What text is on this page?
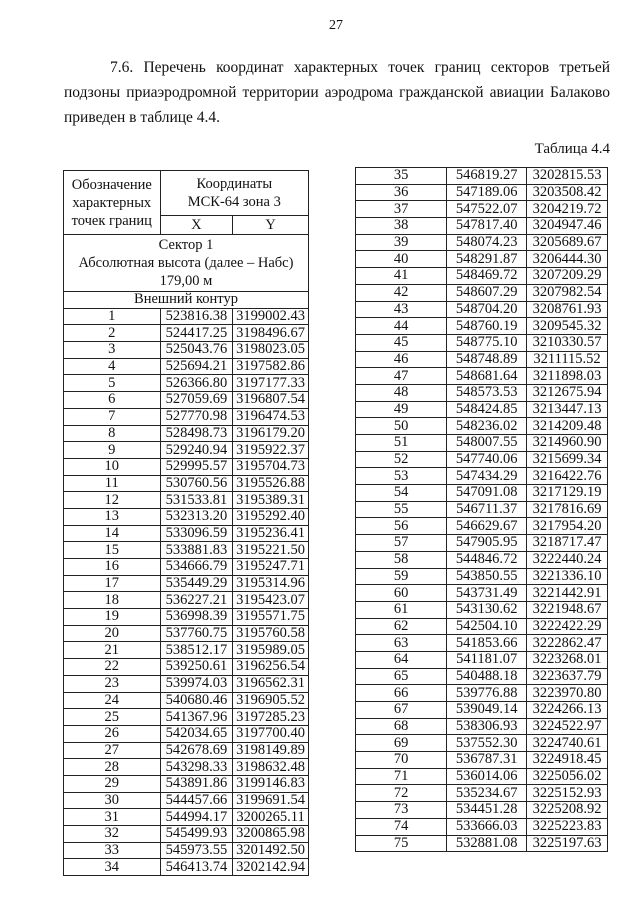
27
7.6. Перечень координат характерных точек границ секторов третьей подзоны приаэродромной территории аэродрома гражданской авиации Балаково приведен в таблице 4.4.
Таблица 4.4
Обозначение характерных точек границ	Координаты МСК-64 зона 3	
	X	Y

Сектор 1
Абсолютная высота (далее – Набс)
179,00 м		

Внешний контур		
1	523816.38	3199002.43
2	524417.25	3198496.67
3	525043.76	3198023.05
4	525694.21	3197582.86
5	526366.80	3197177.33
6	527059.69	3196807.54
7	527770.98	3196474.53
8	528498.73	3196179.20
9	529240.94	3195922.37
10	529995.57	3195704.73
11	530760.56	3195526.88
12	531533.81	3195389.31
13	532313.20	3195292.40
14	533096.59	3195236.41
15	533881.83	3195221.50
16	534666.79	3195247.71
17	535449.29	3195314.96
18	536227.21	3195423.07
19	536998.39	3195571.75
20	537760.75	3195760.58
21	538512.17	3195989.05
22	539250.61	3196256.54
23	539974.03	3196562.31
24	540680.46	3196905.52
25	541367.96	3197285.23
26	542034.65	3197700.40
27	542678.69	3198149.89
28	543298.33	3198632.48
29	543891.86	3199146.83
30	544457.66	3199691.54
31	544994.17	3200265.11
32	545499.93	3200865.98
33	545973.55	3201492.50
34	546413.74	3202142.94
35	546819.27	3202815.53
36	547189.06	3203508.42
37	547522.07	3204219.72
38	547817.40	3204947.46
39	548074.23	3205689.67
40	548291.87	3206444.30
41	548469.72	3207209.29
42	548607.29	3207982.54
43	548704.20	3208761.93
44	548760.19	3209545.32
45	548775.10	3210330.57
46	548748.89	3211115.52
47	548681.64	3211898.03
48	548573.53	3212675.94
49	548424.85	3213447.13
50	548236.02	3214209.48
51	548007.55	3214960.90
52	547740.06	3215699.34
53	547434.29	3216422.76
54	547091.08	3217129.19
55	546711.37	3217816.69
56	546629.67	3217954.20
57	547905.95	3218717.47
58	544846.72	3222440.24
59	543850.55	3221336.10
60	543731.49	3221442.91
61	543130.62	3221948.67
62	542504.10	3222422.29
63	541853.66	3222862.47
64	541181.07	3223268.01
65	540488.18	3223637.79
66	539776.88	3223970.80
67	539049.14	3224266.13
68	538306.93	3224522.97
69	537552.30	3224740.61
70	536787.31	3224918.45
71	536014.06	3225056.02
72	535234.67	3225152.93
73	534451.28	3225208.92
74	533666.03	3225223.83
75	532881.08	3225197.63
